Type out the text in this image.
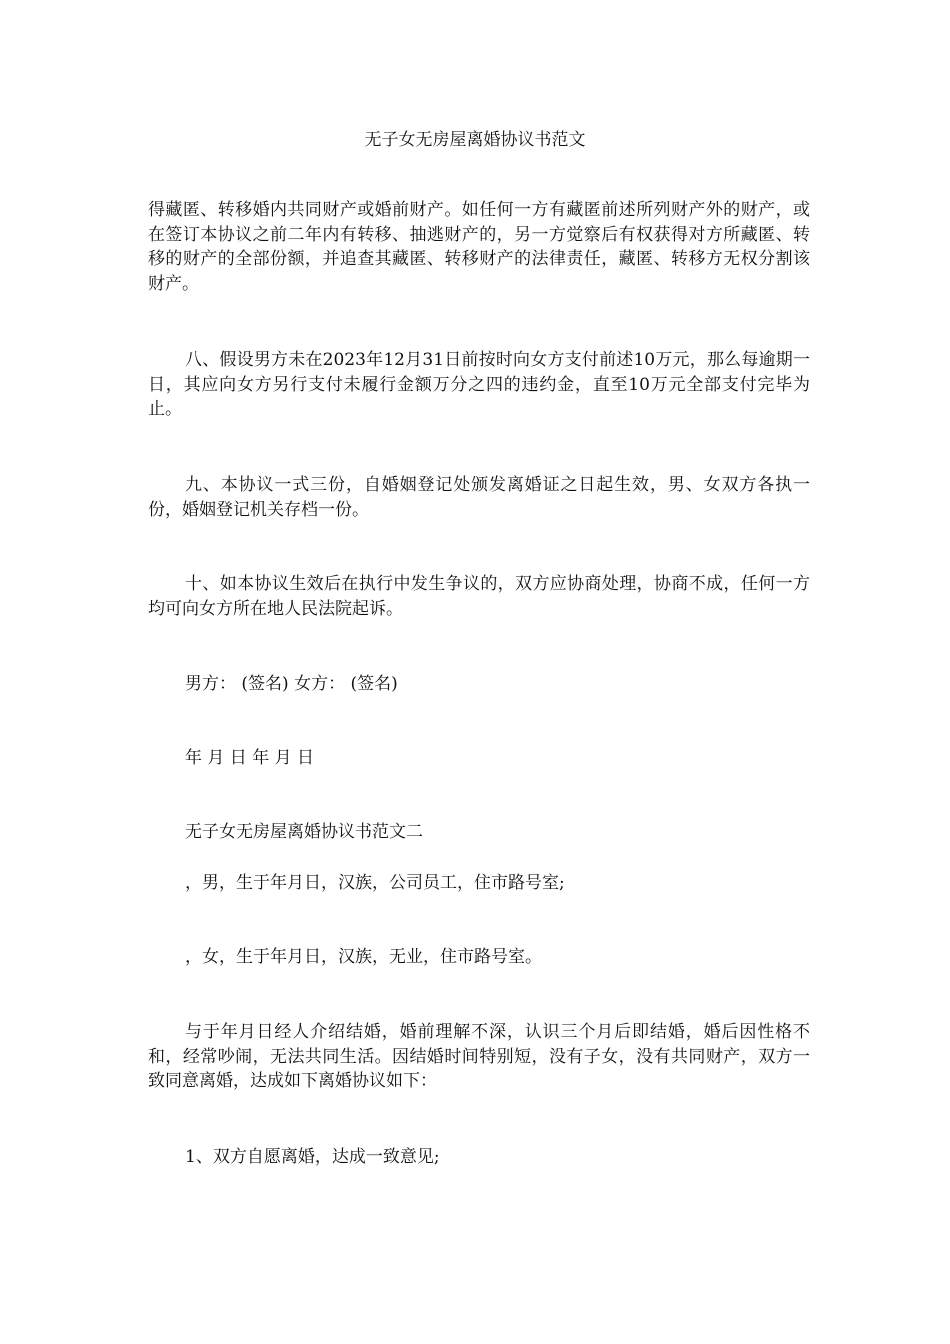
无子女无房屋离婚协议书范文
得藏匿、转移婚内共同财产或婚前财产。如任何一方有藏匿前述所列财产外的财产，或在签订本协议之前二年内有转移、抽逃财产的，另一方觉察后有权获得对方所藏匿、转移的财产的全部份额，并追查其藏匿、转移财产的法律责任，藏匿、转移方无权分割该财产。
八、假设男方未在2023年12月31日前按时向女方支付前述10万元，那么每逾期一日，其应向女方另行支付未履行金额万分之四的违约金，直至10万元全部支付完毕为止。
九、本协议一式三份，自婚姻登记处颁发离婚证之日起生效，男、女双方各执一份，婚姻登记机关存档一份。
十、如本协议生效后在执行中发生争议的，双方应协商处理，协商不成，任何一方均可向女方所在地人民法院起诉。
男方： (签名) 女方： (签名)
年 月 日 年 月 日
无子女无房屋离婚协议书范文二
，男，生于年月日，汉族，公司员工，住市路号室;
，女，生于年月日，汉族，无业，住市路号室。
与于年月日经人介绍结婚，婚前理解不深，认识三个月后即结婚，婚后因性格不和，经常吵闹，无法共同生活。因结婚时间特别短，没有子女，没有共同财产，双方一致同意离婚，达成如下离婚协议如下：
1、双方自愿离婚，达成一致意见;
